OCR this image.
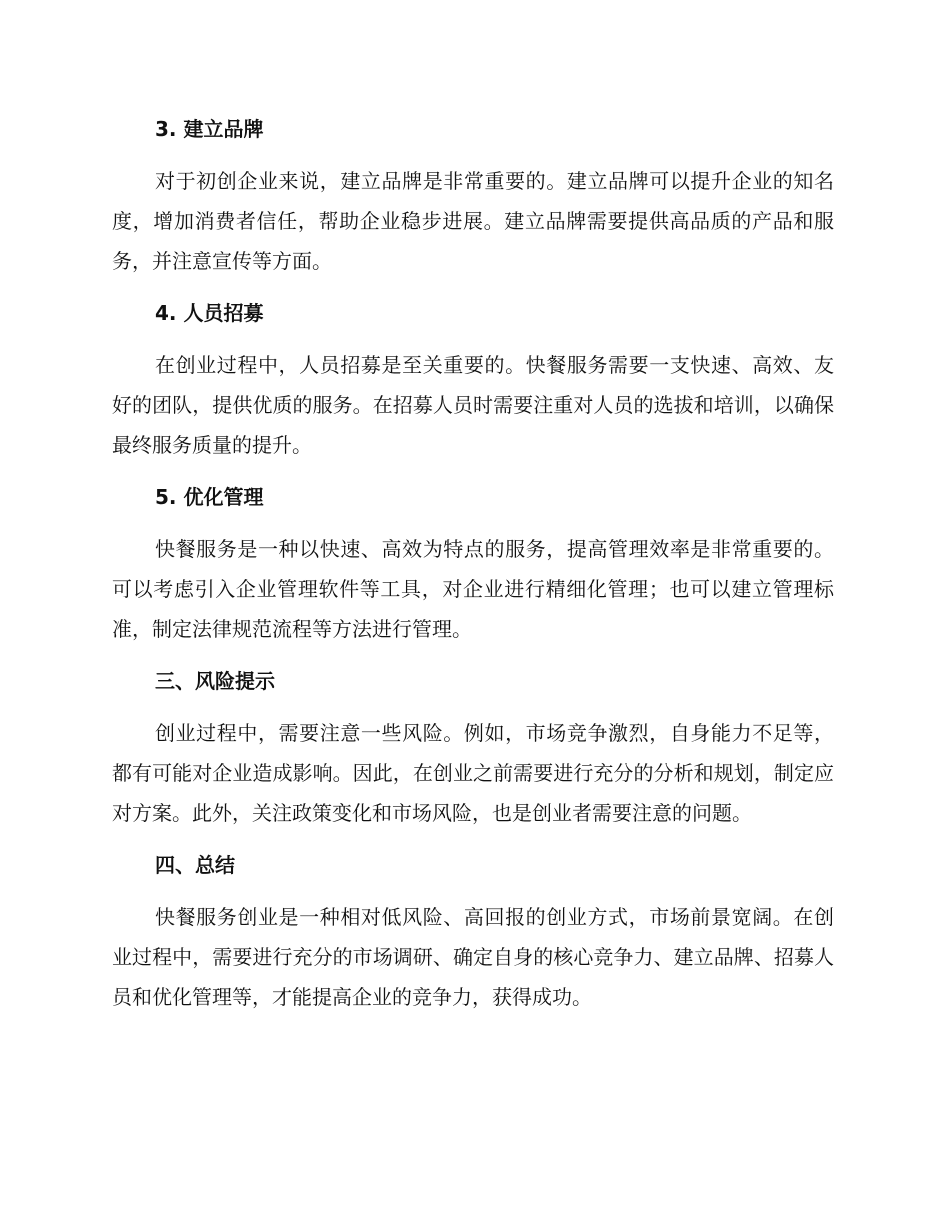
3. 建立品牌

对于初创企业来说，建立品牌是非常重要的。建立品牌可以提升企业的知名度，增加消费者信任，帮助企业稳步进展。建立品牌需要提供高品质的产品和服务，并注意宣传等方面。

4. 人员招募

在创业过程中，人员招募是至关重要的。快餐服务需要一支快速、高效、友好的团队，提供优质的服务。在招募人员时需要注重对人员的选拔和培训，以确保最终服务质量的提升。

5. 优化管理

快餐服务是一种以快速、高效为特点的服务，提高管理效率是非常重要的。可以考虑引入企业管理软件等工具，对企业进行精细化管理；也可以建立管理标准，制定法律规范流程等方法进行管理。

三、风险提示

创业过程中，需要注意一些风险。例如，市场竞争激烈，自身能力不足等，都有可能对企业造成影响。因此，在创业之前需要进行充分的分析和规划，制定应对方案。此外，关注政策变化和市场风险，也是创业者需要注意的问题。

四、总结

快餐服务创业是一种相对低风险、高回报的创业方式，市场前景宽阔。在创业过程中，需要进行充分的市场调研、确定自身的核心竞争力、建立品牌、招募人员和优化管理等，才能提高企业的竞争力，获得成功。
